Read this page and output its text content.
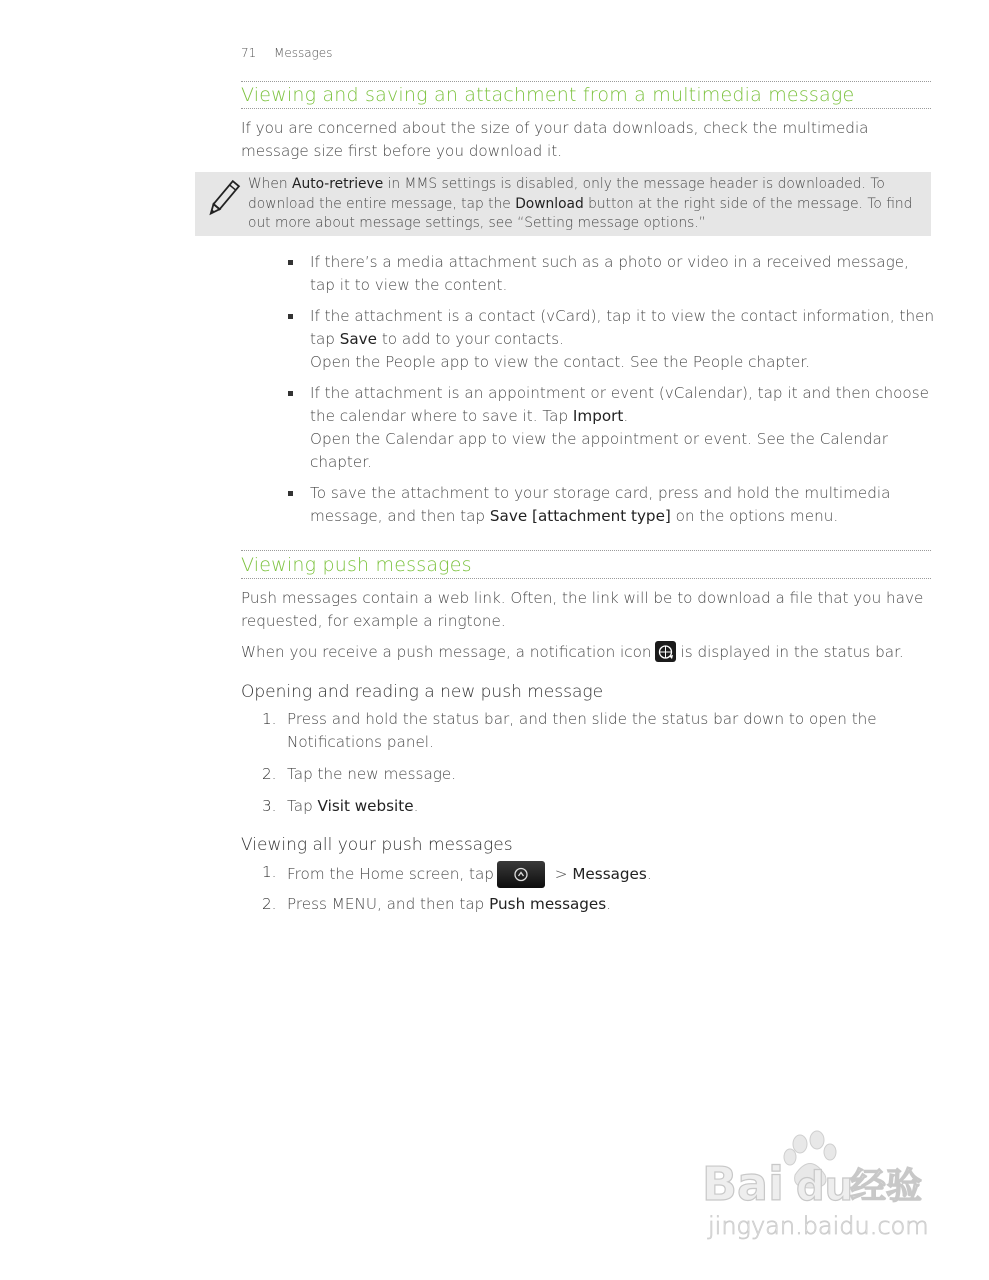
71 Messages
Viewing and saving an attachment from a multimedia message
If you are concerned about the size of your data downloads, check the multimedia message size first before you download it.
When Auto-retrieve in MMS settings is disabled, only the message header is downloaded. To download the entire message, tap the Download button at the right side of the message. To find out more about message settings, see “Setting message options.”
If there’s a media attachment such as a photo or video in a received message, tap it to view the content.
If the attachment is a contact (vCard), tap it to view the contact information, then tap Save to add to your contacts.
Open the People app to view the contact. See the People chapter.
If the attachment is an appointment or event (vCalendar), tap it and then choose the calendar where to save it. Tap Import.
Open the Calendar app to view the appointment or event. See the Calendar chapter.
To save the attachment to your storage card, press and hold the multimedia message, and then tap Save [attachment type] on the options menu.
Viewing push messages
Push messages contain a web link. Often, the link will be to download a file that you have requested, for example a ringtone.
When you receive a push message, a notification icon is displayed in the status bar.
Opening and reading a new push message
1. Press and hold the status bar, and then slide the status bar down to open the Notifications panel.
2. Tap the new message.
3. Tap Visit website.
Viewing all your push messages
1. From the Home screen, tap	> Messages.
2. Press MENU, and then tap Push messages.
Bai du
经验
jingyan.baidu.com
